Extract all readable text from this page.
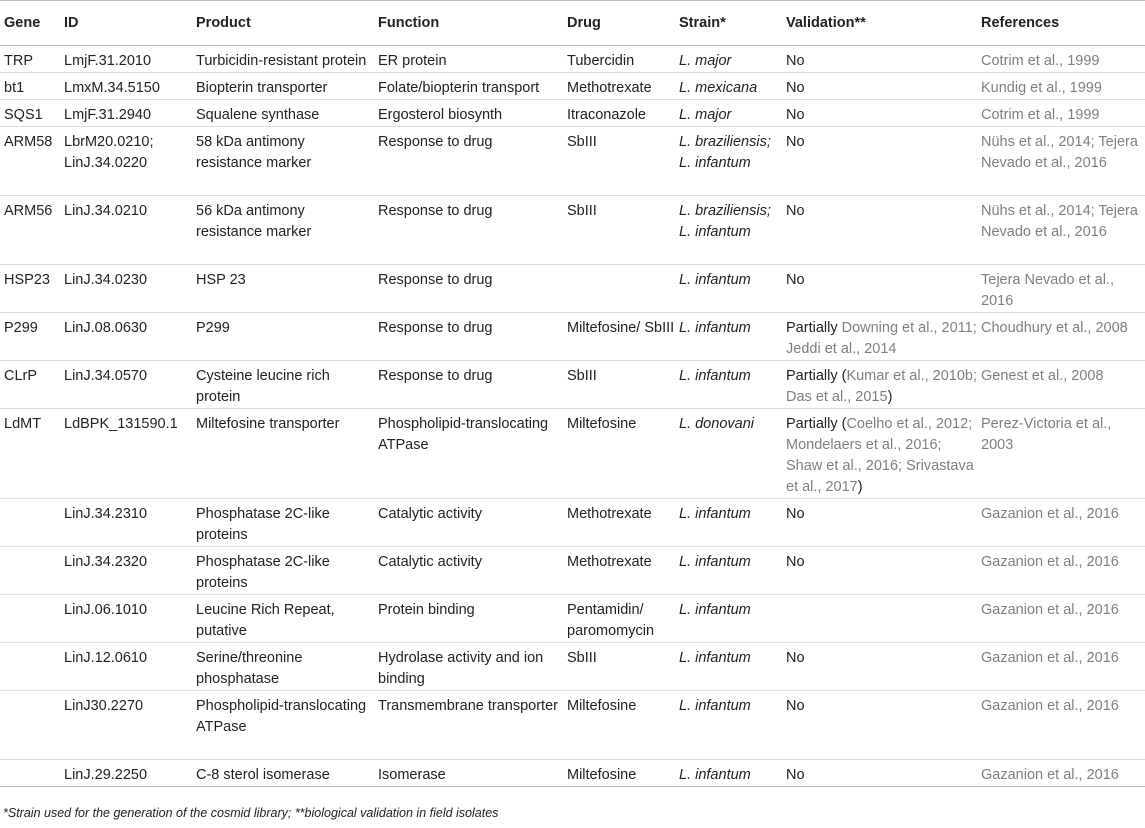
Gene	ID	Product	Function	Drug	Strain*	Validation**	References
TRP	LmjF.31.2010	Turbicidin-resistant protein	ER protein	Tubercidin	L. major	No	Cotrim et al., 1999
bt1	LmxM.34.5150	Biopterin transporter	Folate/biopterin transport	Methotrexate	L. mexicana	No	Kundig et al., 1999
SQS1	LmjF.31.2940	Squalene synthase	Ergosterol biosynth	Itraconazole	L. major	No	Cotrim et al., 1999
ARM58	LbrM20.0210; LinJ.34.0220	58 kDa antimony resistance marker	Response to drug	SbIII	L. braziliensis; L. infantum	No	Nühs et al., 2014; Tejera Nevado et al., 2016
ARM56	LinJ.34.0210	56 kDa antimony resistance marker	Response to drug	SbIII	L. braziliensis; L. infantum	No	Nühs et al., 2014; Tejera Nevado et al., 2016
HSP23	LinJ.34.0230	HSP 23	Response to drug		L. infantum	No	Tejera Nevado et al., 2016
P299	LinJ.08.0630	P299	Response to drug	Miltefosine/ SbIII	L. infantum	Partially Downing et al., 2011; Jeddi et al., 2014	Choudhury et al., 2008
CLrP	LinJ.34.0570	Cysteine leucine rich protein	Response to drug	SbIII	L. infantum	Partially (Kumar et al., 2010b; Das et al., 2015)	Genest et al., 2008
LdMT	LdBPK_131590.1	Miltefosine transporter	Phospholipid-translocating ATPase	Miltefosine	L. donovani	Partially (Coelho et al., 2012; Mondelaers et al., 2016; Shaw et al., 2016; Srivastava et al., 2017)	Perez-Victoria et al., 2003
	LinJ.34.2310	Phosphatase 2C-like proteins	Catalytic activity	Methotrexate	L. infantum	No	Gazanion et al., 2016
	LinJ.34.2320	Phosphatase 2C-like proteins	Catalytic activity	Methotrexate	L. infantum	No	Gazanion et al., 2016
	LinJ.06.1010	Leucine Rich Repeat, putative	Protein binding	Pentamidin/ paromomycin	L. infantum		Gazanion et al., 2016
	LinJ.12.0610	Serine/threonine phosphatase	Hydrolase activity and ion binding	SbIII	L. infantum	No	Gazanion et al., 2016
	LinJ30.2270	Phospholipid-translocating ATPase	Transmembrane transporter	Miltefosine	L. infantum	No	Gazanion et al., 2016
	LinJ.29.2250	C-8 sterol isomerase	Isomerase	Miltefosine	L. infantum	No	Gazanion et al., 2016
*Strain used for the generation of the cosmid library; **biological validation in field isolates
